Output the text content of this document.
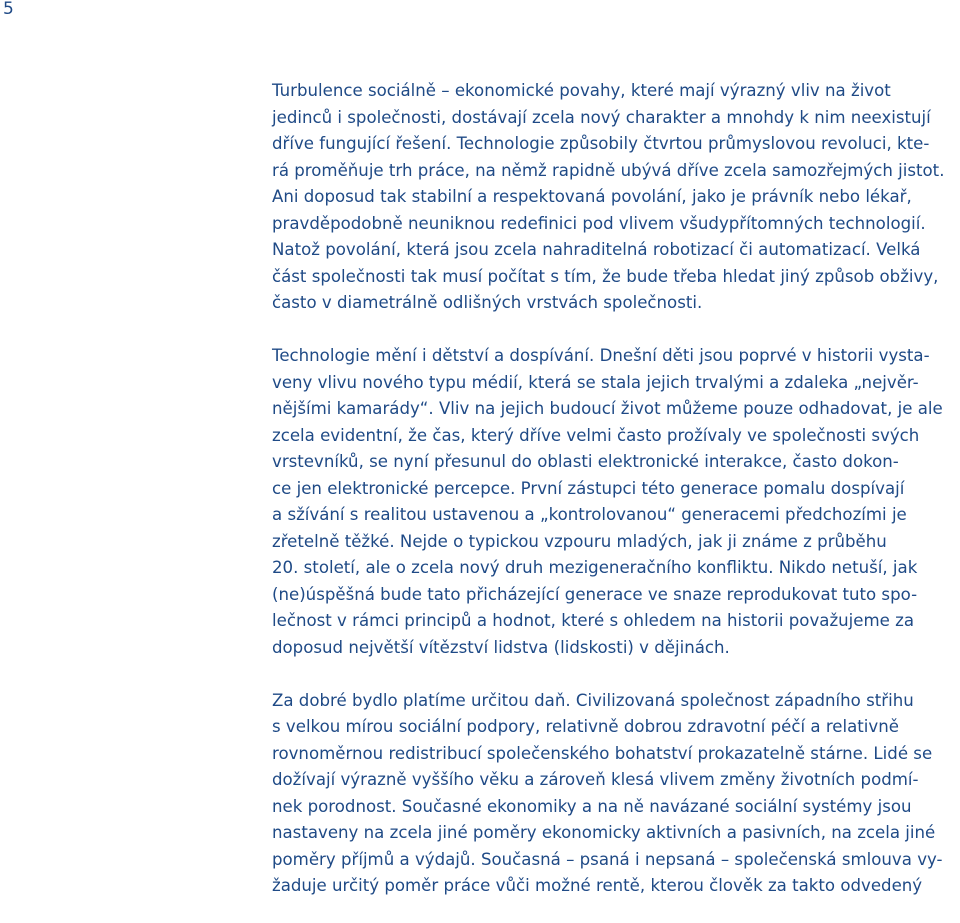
5
Turbulence sociálně – ekonomické povahy, které mají výrazný vliv na život
jedinců i společnosti, dostávají zcela nový charakter a mnohdy k nim neexistují
dříve fungující řešení. Technologie způsobily čtvrtou průmyslovou revoluci, kte-
rá proměňuje trh práce, na němž rapidně ubývá dříve zcela samozřejmých jistot.
Ani doposud tak stabilní a respektovaná povolání, jako je právník nebo lékař,
pravděpodobně neuniknou redefinici pod vlivem všudypřítomných technologií.
Natož povolání, která jsou zcela nahraditelná robotizací či automatizací. Velká
část společnosti tak musí počítat s tím, že bude třeba hledat jiný způsob obživy,
často v diametrálně odlišných vrstvách společnosti.
Technologie mění i dětství a dospívání. Dnešní děti jsou poprvé v historii vysta-
veny vlivu nového typu médií, která se stala jejich trvalými a zdaleka „nejvěr-
nějšími kamarády“. Vliv na jejich budoucí život můžeme pouze odhadovat, je ale
zcela evidentní, že čas, který dříve velmi často prožívaly ve společnosti svých
vrstevníků, se nyní přesunul do oblasti elektronické interakce, často dokon-
ce jen elektronické percepce. První zástupci této generace pomalu dospívají
a sžívání s realitou ustavenou a „kontrolovanou“ generacemi předchozími je
zřetelně těžké. Nejde o typickou vzpouru mladých, jak ji známe z průběhu
20. století, ale o zcela nový druh mezigeneračního konfliktu. Nikdo netuší, jak
(ne)úspěšná bude tato přicházející generace ve snaze reprodukovat tuto spo-
lečnost v rámci principů a hodnot, které s ohledem na historii považujeme za
doposud největší vítězství lidstva (lidskosti) v dějinách.
Za dobré bydlo platíme určitou daň. Civilizovaná společnost západního střihu
s velkou mírou sociální podpory, relativně dobrou zdravotní péčí a relativně
rovnoměrnou redistribucí společenského bohatství prokazatelně stárne. Lidé se
dožívají výrazně vyššího věku a zároveň klesá vlivem změny životních podmí-
nek porodnost. Současné ekonomiky a na ně navázané sociální systémy jsou
nastaveny na zcela jiné poměry ekonomicky aktivních a pasivních, na zcela jiné
poměry příjmů a výdajů. Současná – psaná i nepsaná – společenská smlouva vy-
žaduje určitý poměr práce vůči možné rentě, kterou člověk za takto odvedený
